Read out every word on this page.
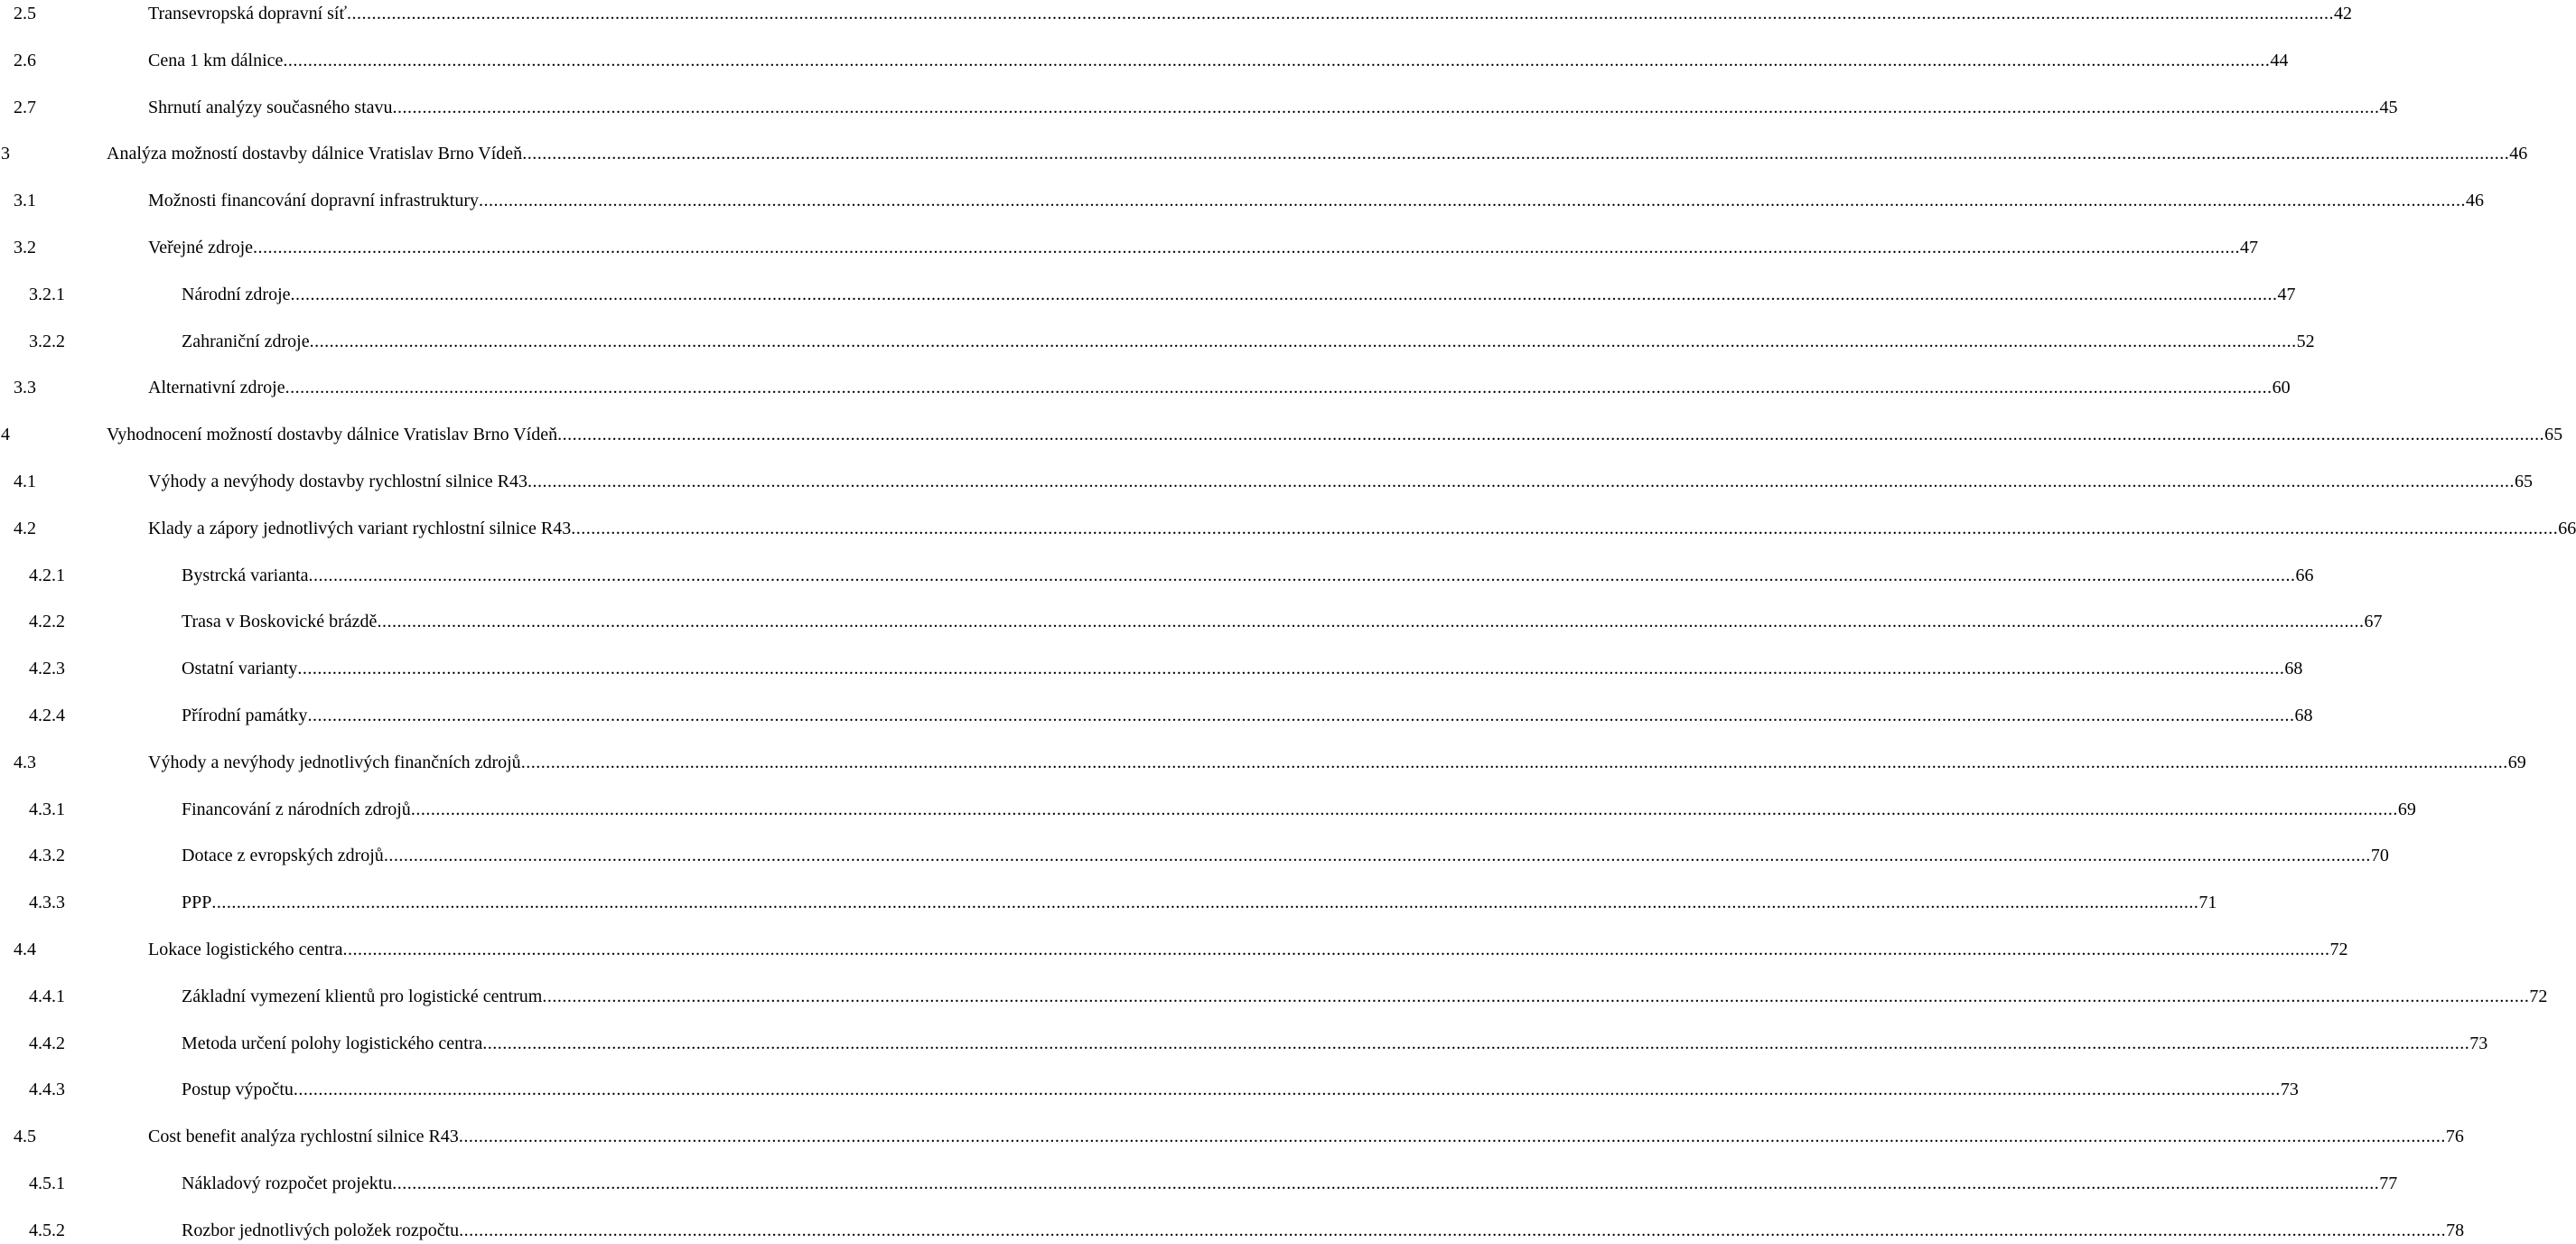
2.5	Transevropská dopravní síť ................................................................................................................................................................................................................................................................................................................................................................................................................ 42
2.6	Cena 1 km dálnice ................................................................................................................................................................................................................................................................................................................................................................................................................ 44
2.7	Shrnutí analýzy současného stavu ................................................................................................................................................................................................................................................................................................................................................................................................................ 45
3	Analýza možností dostavby dálnice Vratislav Brno Vídeň ................................................................................................................................................................................................................................................................................................................................................................................................................ 46
3.1	Možnosti financování dopravní infrastruktury ................................................................................................................................................................................................................................................................................................................................................................................................................ 46
3.2	Veřejné zdroje ................................................................................................................................................................................................................................................................................................................................................................................................................ 47
3.2.1	Národní zdroje ................................................................................................................................................................................................................................................................................................................................................................................................................ 47
3.2.2	Zahraniční zdroje ................................................................................................................................................................................................................................................................................................................................................................................................................ 52
3.3	Alternativní zdroje ................................................................................................................................................................................................................................................................................................................................................................................................................ 60
4	Vyhodnocení možností dostavby dálnice Vratislav Brno Vídeň ................................................................................................................................................................................................................................................................................................................................................................................................................ 65
4.1	Výhody a nevýhody dostavby rychlostní silnice R43 ................................................................................................................................................................................................................................................................................................................................................................................................................ 65
4.2	Klady a zápory jednotlivých variant rychlostní silnice R43 ................................................................................................................................................................................................................................................................................................................................................................................................................ 66
4.2.1	Bystrcká varianta ................................................................................................................................................................................................................................................................................................................................................................................................................ 66
4.2.2	Trasa v Boskovické brázdě ................................................................................................................................................................................................................................................................................................................................................................................................................ 67
4.2.3	Ostatní varianty ................................................................................................................................................................................................................................................................................................................................................................................................................ 68
4.2.4	Přírodní památky ................................................................................................................................................................................................................................................................................................................................................................................................................ 68
4.3	Výhody a nevýhody jednotlivých finančních zdrojů ................................................................................................................................................................................................................................................................................................................................................................................................................ 69
4.3.1	Financování z národních zdrojů ................................................................................................................................................................................................................................................................................................................................................................................................................ 69
4.3.2	Dotace z evropských zdrojů ................................................................................................................................................................................................................................................................................................................................................................................................................ 70
4.3.3	PPP ................................................................................................................................................................................................................................................................................................................................................................................................................ 71
4.4	Lokace logistického centra ................................................................................................................................................................................................................................................................................................................................................................................................................ 72
4.4.1	Základní vymezení klientů pro logistické centrum ................................................................................................................................................................................................................................................................................................................................................................................................................ 72
4.4.2	Metoda určení polohy logistického centra ................................................................................................................................................................................................................................................................................................................................................................................................................ 73
4.4.3	Postup výpočtu ................................................................................................................................................................................................................................................................................................................................................................................................................ 73
4.5	Cost benefit analýza rychlostní silnice R43 ................................................................................................................................................................................................................................................................................................................................................................................................................ 76
4.5.1	Nákladový rozpočet projektu ................................................................................................................................................................................................................................................................................................................................................................................................................ 77
4.5.2	Rozbor jednotlivých položek rozpočtu ................................................................................................................................................................................................................................................................................................................................................................................................................ 78
